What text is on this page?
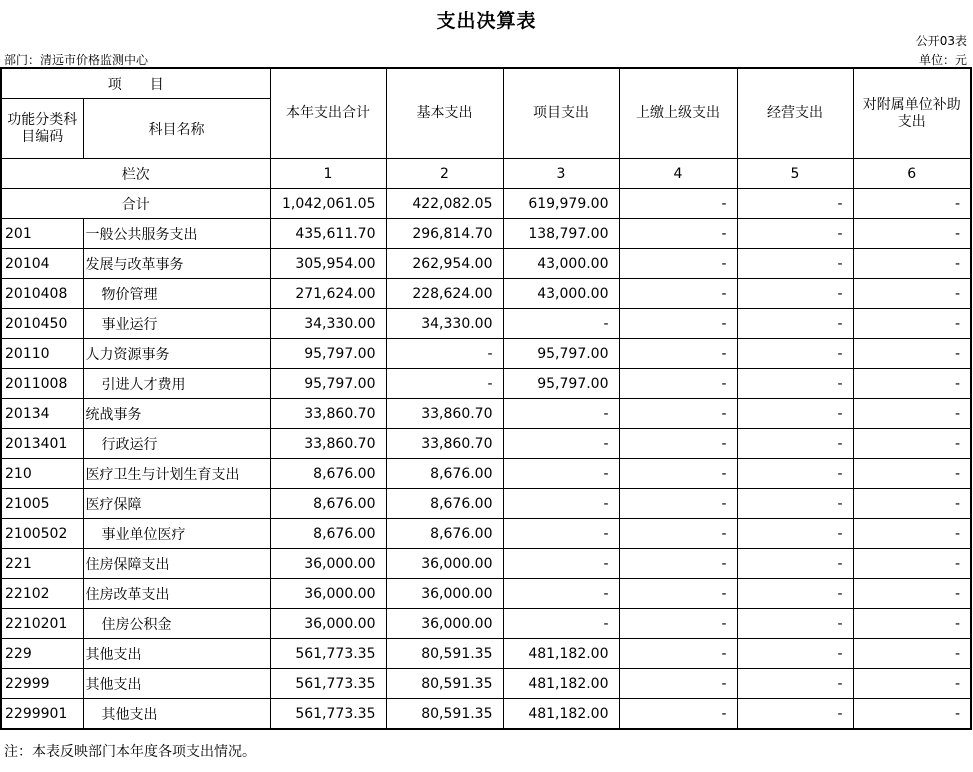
支出决算表
公开03表
部门：清远市价格监测中心	单位：元
项　　目		本年支出合计	基本支出	项目支出	上缴上级支出	经营支出	对附属单位补助支出
功能分类科目编码	科目名称						
栏次		1	2	3	4	5	6
合计		1,042,061.05	422,082.05	619,979.00	-	-	-
201	一般公共服务支出	435,611.70	296,814.70	138,797.00	-	-	-
20104	发展与改革事务	305,954.00	262,954.00	43,000.00	-	-	-
2010408	物价管理	271,624.00	228,624.00	43,000.00	-	-	-
2010450	事业运行	34,330.00	34,330.00	-	-	-	-
20110	人力资源事务	95,797.00	-	95,797.00	-	-	-
2011008	引进人才费用	95,797.00	-	95,797.00	-	-	-
20134	统战事务	33,860.70	33,860.70	-	-	-	-
2013401	行政运行	33,860.70	33,860.70	-	-	-	-
210	医疗卫生与计划生育支出	8,676.00	8,676.00	-	-	-	-
21005	医疗保障	8,676.00	8,676.00	-	-	-	-
2100502	事业单位医疗	8,676.00	8,676.00	-	-	-	-
221	住房保障支出	36,000.00	36,000.00	-	-	-	-
22102	住房改革支出	36,000.00	36,000.00	-	-	-	-
2210201	住房公积金	36,000.00	36,000.00	-	-	-	-
229	其他支出	561,773.35	80,591.35	481,182.00	-	-	-
22999	其他支出	561,773.35	80,591.35	481,182.00	-	-	-
2299901	其他支出	561,773.35	80,591.35	481,182.00	-	-	-
注：本表反映部门本年度各项支出情况。
